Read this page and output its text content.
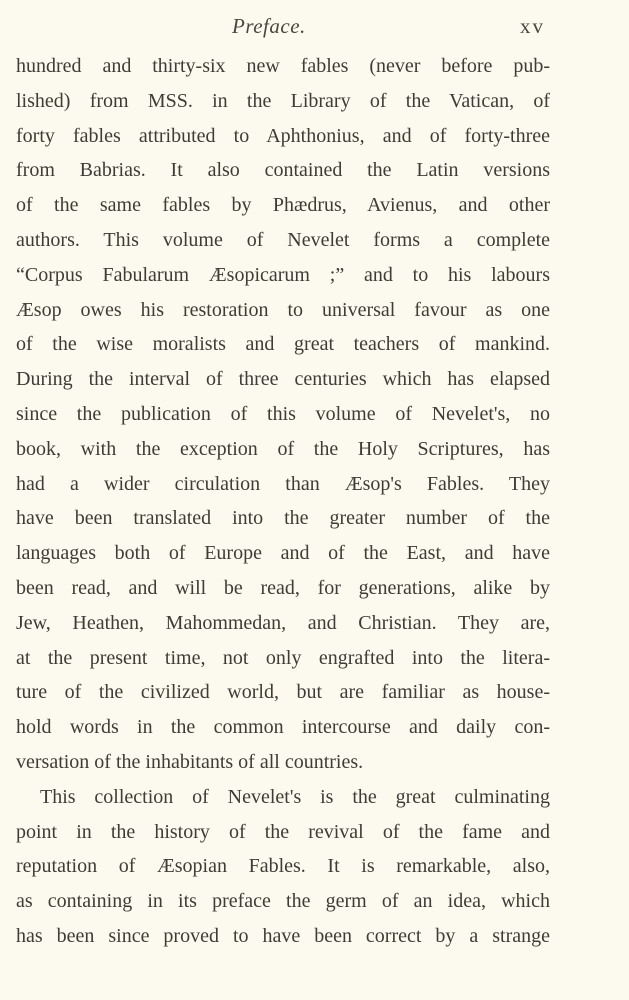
Preface.	xv
hundred and thirty-six new fables (never before pub-
lished) from MSS. in the Library of the Vatican, of
forty fables attributed to Aphthonius, and of forty-three
from Babrias. It also contained the Latin versions
of the same fables by Phædrus, Avienus, and other
authors. This volume of Nevelet forms a complete
“Corpus Fabularum Æsopicarum ;” and to his labours
Æsop owes his restoration to universal favour as one
of the wise moralists and great teachers of mankind.
During the interval of three centuries which has elapsed
since the publication of this volume of Nevelet's, no
book, with the exception of the Holy Scriptures, has
had a wider circulation than Æsop's Fables. They
have been translated into the greater number of the
languages both of Europe and of the East, and have
been read, and will be read, for generations, alike by
Jew, Heathen, Mahommedan, and Christian. They are,
at the present time, not only engrafted into the litera-
ture of the civilized world, but are familiar as house-
hold words in the common intercourse and daily con-
versation of the inhabitants of all countries.
This collection of Nevelet's is the great culminating
point in the history of the revival of the fame and
reputation of Æsopian Fables. It is remarkable, also,
as containing in its preface the germ of an idea, which
has been since proved to have been correct by a strange
